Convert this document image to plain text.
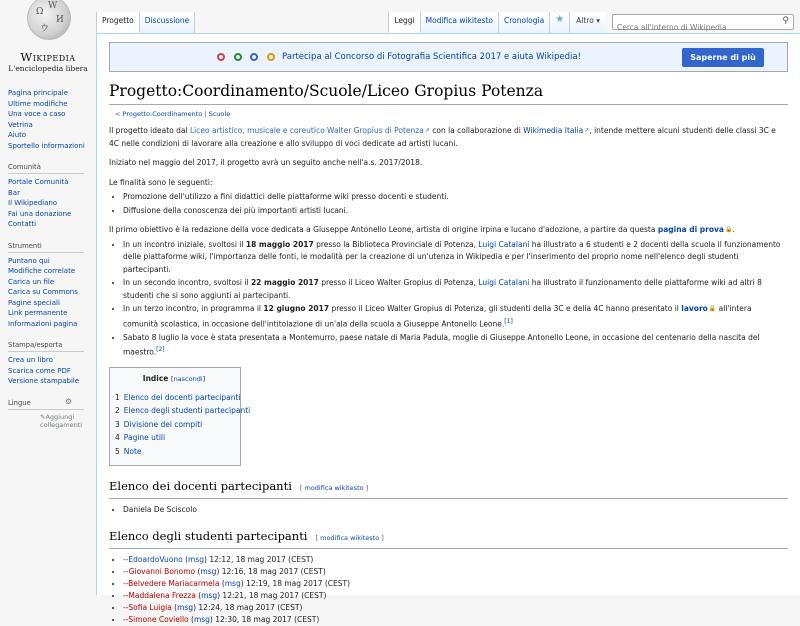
Ω
W
И
ウ
Wikipedia
L'enciclopedia libera
Pagina principale
Ultime modifiche
Una voce a caso
Vetrina
Aiuto
Sportello informazioni
Comunità
Portale Comunità
Bar
Il Wikipediano
Fai una donazione
Contatti
Strumenti
Puntano qui
Modifiche correlate
Carica un file
Carica su Commons
Pagine speciali
Link permanente
Informazioni pagina
Stampa/esporta
Crea un libro
Scarica come PDF
Versione stampabile
Lingue	⚙
✎Aggiungi collegamenti
Progetto	Discussione	Leggi	Modifica wikitesto	Cronologia	★	Altro ▾
Cerca all'interno di Wikipedia	⚲
Partecipa al Concorso di Fotografia Scientifica 2017 e aiuta Wikipedia!	Saperne di più
Progetto:Coordinamento/Scuole/Liceo Gropius Potenza
< Progetto:Coordinamento | Scuole

Il progetto ideato dal Liceo artistico, musicale e coreutico Walter Gropius di Potenza↗ con la collaborazione di Wikimedia Italia↗, intende mettere alcuni studenti delle classi 3C e 4C nelle condizioni di lavorare alla creazione e allo sviluppo di voci dedicate ad artisti lucani.

Iniziato nel maggio del 2017, il progetto avrà un seguito anche nell'a.s. 2017/2018.

Le finalità sono le seguenti:

• Promozione dell'utilizzo a fini didattici delle piattaforme wiki presso docenti e studenti.
• Diffusione della conoscenza dei più importanti artisti lucani.

Il primo obiettivo è la redazione della voce dedicata a Giuseppe Antonello Leone, artista di origine irpina e lucano d'adozione, a partire da questa pagina di prova🔒.

• In un incontro iniziale, svoltosi il 18 maggio 2017 presso la Biblioteca Provinciale di Potenza, Luigi Catalani ha illustrato a 6 studenti e 2 docenti della scuola il funzionamento delle piattaforme wiki, l'importanza delle fonti, le modalità per la creazione di un'utenza in Wikipedia e per l'inserimento del proprio nome nell'elenco degli studenti partecipanti.
• In un secondo incontro, svoltosi il 22 maggio 2017 presso il Liceo Walter Gropius di Potenza, Luigi Catalani ha illustrato il funzionamento delle piattaforme wiki ad altri 8 studenti che si sono aggiunti ai partecipanti.
• In un terzo incontro, in programma il 12 giugno 2017 presso il Liceo Walter Gropius di Potenza, gli studenti della 3C e della 4C hanno presentato il lavoro🔒 all'intera comunità scolastica, in occasione dell'intitolazione di un'ala della scuola a Giuseppe Antonello Leone.[1]
• Sabato 8 luglio la voce è stata presentata a Montemurro, paese natale di Maria Padula, moglie di Giuseppe Antonello Leone, in occasione del centenario della nascita del maestro.[2]
Indice [nascondi]
1 Elenco dei docenti partecipanti
2 Elenco degli studenti partecipanti
3 Divisione dei compiti
4 Pagine utili
5 Note
Elenco dei docenti partecipanti [ modifica wikitesto ]
• Daniela De Sciscolo
Elenco degli studenti partecipanti [ modifica wikitesto ]
• --EdoardoVuono (msg) 12:12, 18 mag 2017 (CEST)
• --Giovanni Bonomo (msg) 12:16, 18 mag 2017 (CEST)
• --Belvedere Mariacarmela (msg) 12:19, 18 mag 2017 (CEST)
• --Maddalena Frezza (msg) 12:21, 18 mag 2017 (CEST)
• --Sofia Luigia (msg) 12:24, 18 mag 2017 (CEST)
• --Simone Coviello (msg) 12:30, 18 mag 2017 (CEST)
